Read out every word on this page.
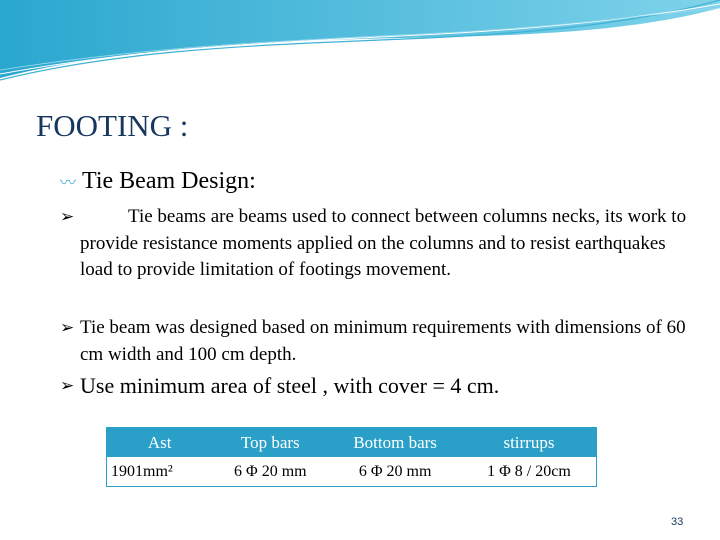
FOOTING :
〰 Tie Beam Design:
➢	Tie beams are beams used to connect between columns necks, its work to provide resistance moments applied on the columns and to resist earthquakes load to provide limitation of footings movement.
➢ Tie beam was designed based on minimum requirements with dimensions of 60 cm width and 100 cm depth.
➢ Use minimum area of steel , with cover = 4 cm.
Ast	Top bars	Bottom bars	stirrups
1901mm²	6 Φ 20 mm	6 Φ 20 mm	1 Φ 8 / 20cm
33
